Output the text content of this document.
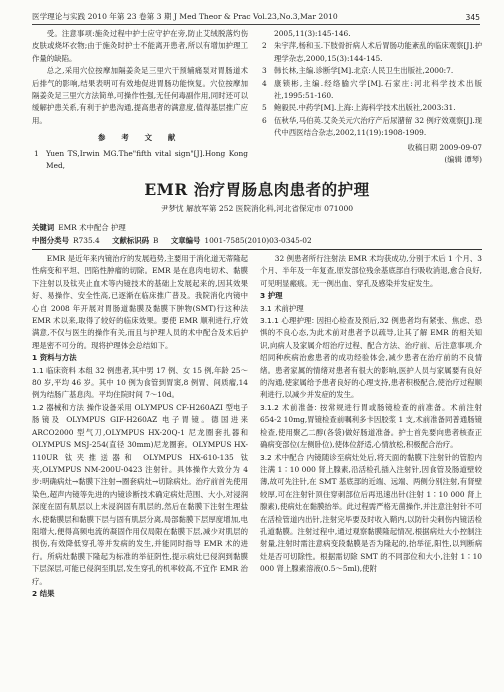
医学理论与实践 2010 年第 23 卷第 3 期 J Med Theor & Prac Vol.23,No.3,Mar 2010	345

受。注意事项:施灸过程中护士应守护在旁,防止艾绒脱落灼伤皮肤或烧坏衣物;由于施灸时护士不能离开患者,所以有增加护理工作量的缺陷。

总之,采用穴位按摩加隔姜灸足三里穴干预辅痛泵对胃肠道术后排气的影响,结果表明可有效地促进胃肠功能恢复。穴位按摩加隔姜灸足三里穴方法简单,可操作性强,无任何毒副作用,同时还可以缓解护患关系,有利于护患沟通,提高患者的满意度,值得基层推广应用。

参 考 文 献

1 Yuen TS,Irwin MG.The"fifth vital sign"[J].Hong Kong Med,

2005,11(3):145-146.

2 朱宇萍,杨和玉.下肢骨折病人术后胃肠功能紊乱的临床观察[J].护理学杂志,2000,15(3):144-145.

3 韩长林,主编.诊断学[M].北京:人民卫生出版社,2000:7.

4 康锁彬,主编.经络腧穴学[M].石家庄:河北科学技术出版社,1995:51-160.

5 鲍毅民.中药学[M].上海:上海科学技术出版社,2003:31.

6 伍秋华,马伯英.艾灸关元穴治疗产后尿潴留 32 例疗效观察[J].现代中西医结合杂志,2002,11(19):1908-1909.

收稿日期 2009-09-07
(编辑 谭琴)
EMR 治疗胃肠息肉患者的护理
尹梦忧 解放军第 252 医院消化科,河北省保定市 071000
关键词 EMR 术中配合 护理
中图分类号 R735.4 文献标识码 B 文章编号 1001-7585(2010)03-0345-02

EMR 是近年来内镜治疗的发展趋势,主要用于消化道无蒂隆起性病变和平坦、凹陷性肿瘤的切除。EMR 是在息肉电切术、黏膜下注射以及钛夹止血术等内镜技术的基础上发展起来的,因其效果好、易操作、安全性高,已逐渐在临床推广普及。我院消化内镜中心自 2008 年开展对胃肠道黏膜及黏膜下肿物(SMT)行这种法 EMR 术以来,取得了较好的临床效果。要使 EMR 顺利进行,疗效满意,不仅与医生的操作有关,而且与护理人员的术中配合及术后护理是密不可分的。现将护理体会总结如下。

1 资料与方法

1.1 临床资料 本组 32 例患者,其中男 17 例、女 15 例,年龄 25～80 岁,平均 46 岁。其中 10 例为食管到胃窦,8 例胃、间质瘤,14 例为结肠广基息肉。平均住院时间 7～10d。

1.2 器械和方法 操作设备采用 OLYMPUS CF-H260AZI 型电子肠镜及 OLYMPUS GIF-H260AZ 电子胃镜。德国进来 ARCO2000 型气刀,OLYMPUS HX-20Q-1 尼龙圈套扎器和 OLYMPUS MSJ-254(直径 30mm)尼龙圈套。OLYMPUS HX-110UR 钛夹推送器和 OLYMPUS HX-610-135 钛夹,OLYMPUS NM-200U-0423 注射针。具体操作大致分为 4 步:明确病灶→黏膜下注射→圈套病灶→切除病灶。治疗前首先使用染色,超声内镜等先进的内镜诊断技术确定病灶范围、大小,对浸润深度在固有肌层以上未浸润固有肌层的,然后在黏膜下注射生理盐水,使黏膜层和黏膜下层与固有肌层分离,局部黏膜下层厚度增加,电阻增大,便得高频电流的凝固作用仅局限在黏膜下层,减少对肌层的损伤,有效降低穿孔等并发病的发生,并能同时指导 EMR 术的进行。所病灶黏膜下隆起为标准的举征阴性,提示病灶已侵润到黏膜下层深层,可能已侵润至肌层,发生穿孔的机率较高,不宜作 EMR 治疗。

2 结果

32 例患者所行注射法 EMR 术均获成功,分别于术后 1 个月、3 个月、半年及一年复查,原发部位残余基底部自行吸收消退,愈合良好,可见明显瘢痕。无一例出血、穿孔及感染并发症发生。

3 护理

3.1 术前护理

3.1.1 心理护理: 因担心检查及预后,32 例患者均有紧张、焦虑、恐惧的不良心态,为此术前对患者予以疏导,让其了解 EMR 的相关知识,向病人及家属介绍治疗过程、配合方法、治疗前、后注意事项,介绍同种疾病治愈患者的成功经验体会,减少患者在治疗前的不良情绪。患者家属的情绪对患者有很大的影响,医护人员与家属要有良好的沟通,使家属给予患者良好的心理支持,患者积极配合,使治疗过程顺利进行,以减少并发症的发生。

3.1.2 术前准备: 按常规进行胃或肠镜检查的前准备。术前注射 654-2 10mg,胃镜检查前嘱利多卡因胶浆 1 支,术前准备同普通肠镜检查,使用聚乙二醇(各袋)做好肠道准备。护士首先要向患者核查正确病变部位(左侧卧位),使体位舒适,心情放松,积极配合治疗。

3.2 术中配合 内镜随诊至病灶处后,将天面的黏膜下注射针的管腔内注满 1∶10 000 肾上腺素,沿活检孔插入注射针,因食管及肠道壁较薄,故可先注针,在 SMT 基底部的近端、远端、两侧分别注射,有肾壁较厚,可在注射针顶住穿刺部位后再迅速出针(注射 1∶10 000 肾上腺素),使病灶在黏膜抬举。此过程需严格无菌操作,并注意注射针不可在活检管道内出针,注射完毕要及时收入鞘内,以防针尖刺伤内镜活检孔道黏膜。注射过程中,通过观察黏膜隆起情况,根据病灶大小控制注射量,注射时需注意病变段黏膜是否为隆起的,抬举征,阳性,以判断病灶是否可切除性。根据需切除 SMT 的不同部位和大小,注射 1∶10 000 肾上腺素溶液(0.5～5ml),使附
